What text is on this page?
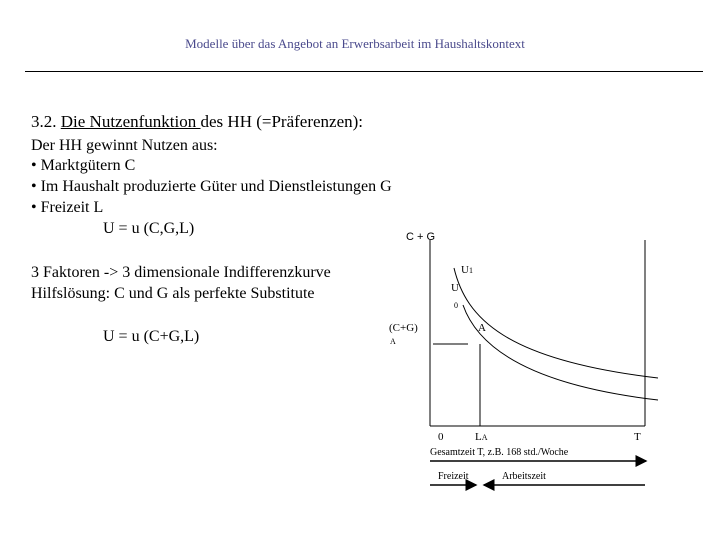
Modelle über das Angebot an Erwerbsarbeit im Haushaltskontext
3.2. Die Nutzenfunktion des HH (=Präferenzen):
Der HH gewinnt Nutzen aus:
• Marktgütern C
• Im Haushalt produzierte Güter und Dienstleistungen G
• Freizeit L
U = u (C,G,L)
3 Faktoren -> 3 dimensionale Indifferenzkurve
Hilfslösung: C und G als perfekte Substitute
U = u (C+G,L)
C + G
U1
U
0
(C+G)
A
A
0	LA	T
Gesamtzeit T, z.B. 168 std./Woche
Freizeit	Arbeitszeit
